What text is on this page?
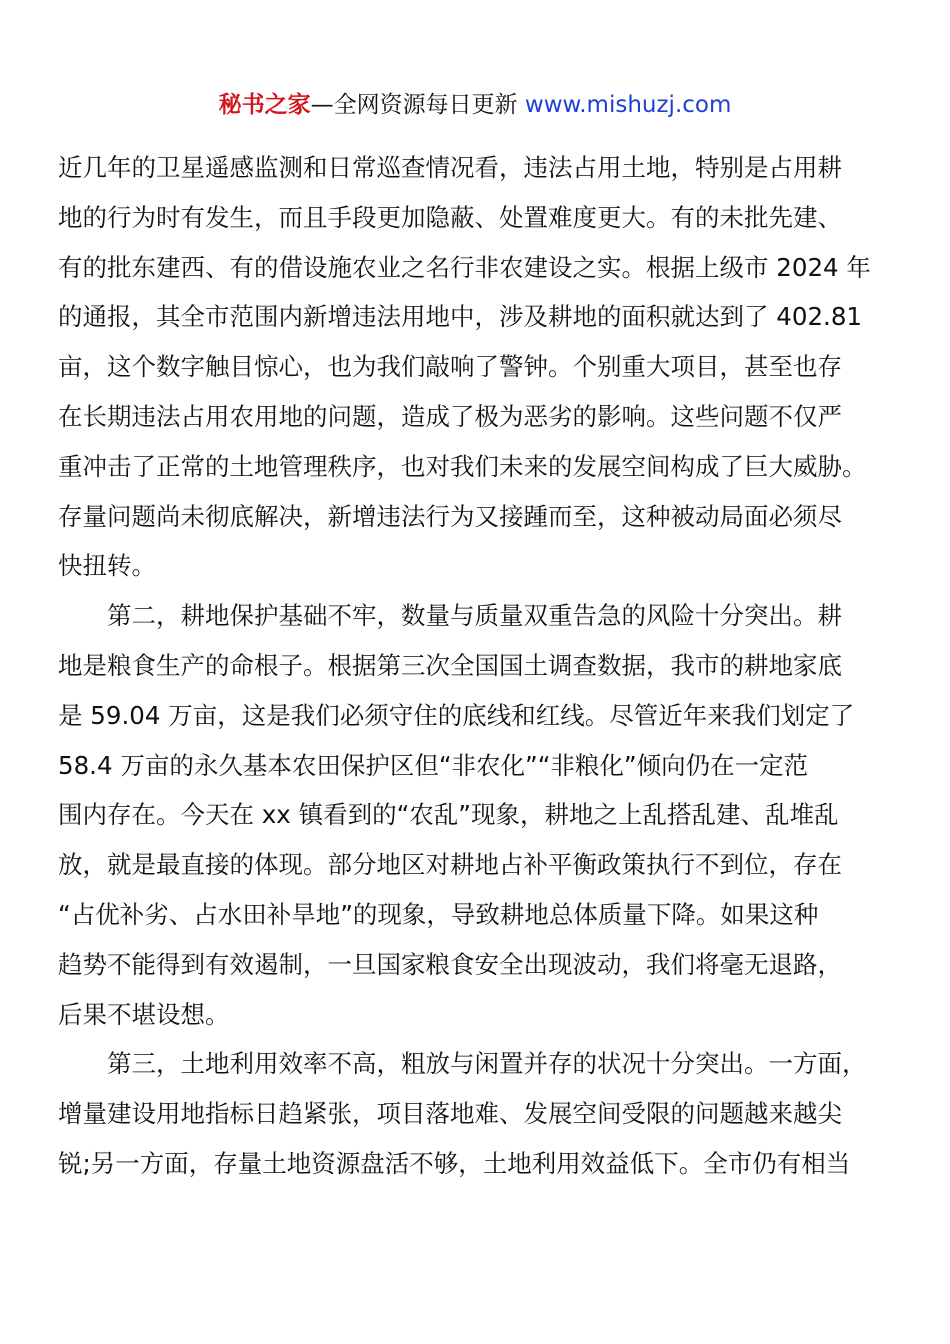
秘书之家—全网资源每日更新 www.mishuzj.com
近几年的卫星遥感监测和日常巡查情况看，违法占用土地，特别是占用耕
地的行为时有发生，而且手段更加隐蔽、处置难度更大。有的未批先建、
有的批东建西、有的借设施农业之名行非农建设之实。根据上级市 2024 年
的通报，其全市范围内新增违法用地中，涉及耕地的面积就达到了 402.81
亩，这个数字触目惊心，也为我们敲响了警钟。个别重大项目，甚至也存
在长期违法占用农用地的问题，造成了极为恶劣的影响。这些问题不仅严
重冲击了正常的土地管理秩序，也对我们未来的发展空间构成了巨大威胁。
存量问题尚未彻底解决，新增违法行为又接踵而至，这种被动局面必须尽
快扭转。
第二，耕地保护基础不牢，数量与质量双重告急的风险十分突出。耕
地是粮食生产的命根子。根据第三次全国国土调查数据，我市的耕地家底
是 59.04 万亩，这是我们必须守住的底线和红线。尽管近年来我们划定了
58.4 万亩的永久基本农田保护区但“非农化”“非粮化”倾向仍在一定范
围内存在。今天在 xx 镇看到的“农乱”现象，耕地之上乱搭乱建、乱堆乱
放，就是最直接的体现。部分地区对耕地占补平衡政策执行不到位，存在
“占优补劣、占水田补旱地”的现象，导致耕地总体质量下降。如果这种
趋势不能得到有效遏制，一旦国家粮食安全出现波动，我们将毫无退路，
后果不堪设想。
第三，土地利用效率不高，粗放与闲置并存的状况十分突出。一方面，
增量建设用地指标日趋紧张，项目落地难、发展空间受限的问题越来越尖
锐;另一方面，存量土地资源盘活不够，土地利用效益低下。全市仍有相当
